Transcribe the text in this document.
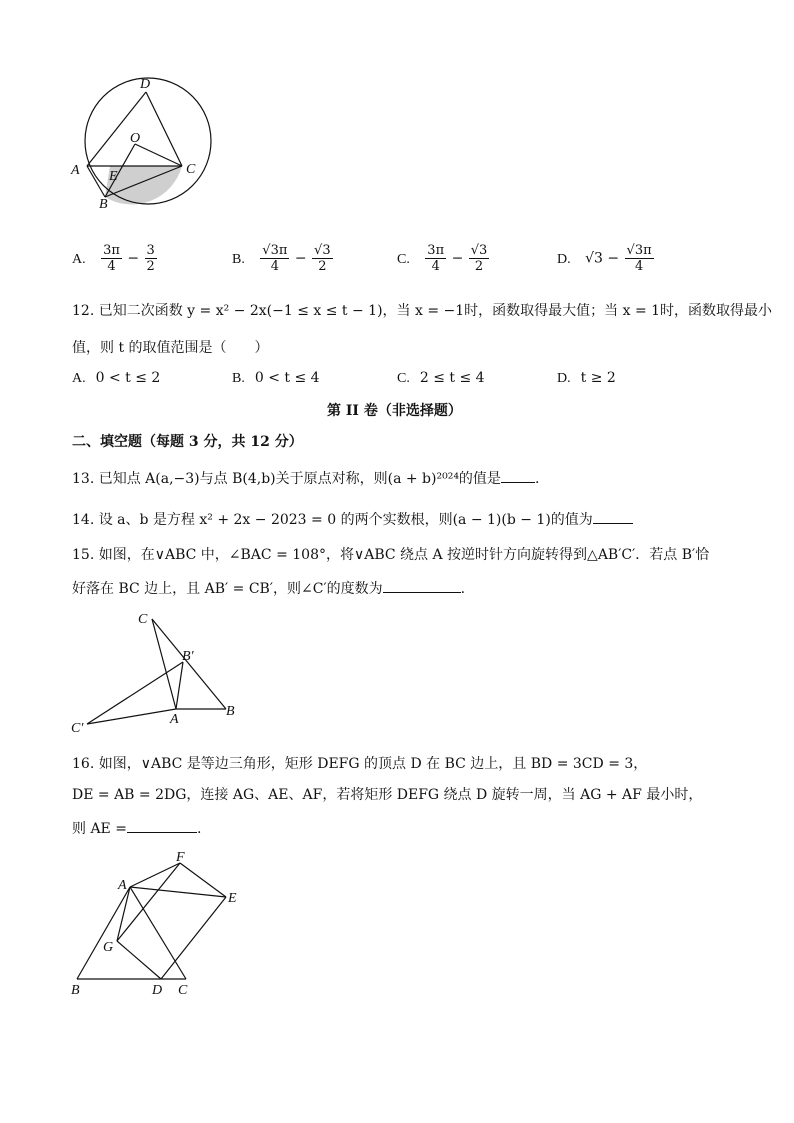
D
O
A E	C
B
A. $\frac{3\pi}{4} - \frac{3}{2}$	B. $\frac{√3\pi}{4} - \frac{√3}{2}$	C. $\frac{3\pi}{4} - \frac{√3}{2}$	D. $√3 - \frac{√3\pi}{4}$
12. 已知二次函数 y = x² − 2x(−1 ≤ x ≤ t − 1)，当 x = −1时，函数取得最大值；当 x = 1时，函数取得最小
值，则 t 的取值范围是（　　）
A. 0 < t ≤ 2	B. 0 < t ≤ 4	C. 2 ≤ t ≤ 4	D. t ≥ 2
第 II 卷（非选择题）
二、填空题（每题 3 分，共 12 分）
13. 已知点 A(a,−3)与点 B(4,b)关于原点对称，则(a + b)²⁰²⁴的值是 .
14. 设 a、b 是方程 x² + 2x − 2023 = 0 的两个实数根，则(a − 1)(b − 1)的值为
15. 如图，在∨ABC 中，∠BAC = 108°，将∨ABC 绕点 A 按逆时针方向旋转得到△AB′C′．若点 B′恰
好落在 BC 边上，且 AB′ = CB′，则∠C′的度数为	.
C
B′
C′
A
B
16. 如图，∨ABC 是等边三角形，矩形 DEFG 的顶点 D 在 BC 边上，且 BD = 3CD = 3，
DE = AB = 2DG，连接 AG、AE、AF，若将矩形 DEFG 绕点 D 旋转一周，当 AG + AF 最小时，
则 AE =	.
F
A
E
G
B	D C
